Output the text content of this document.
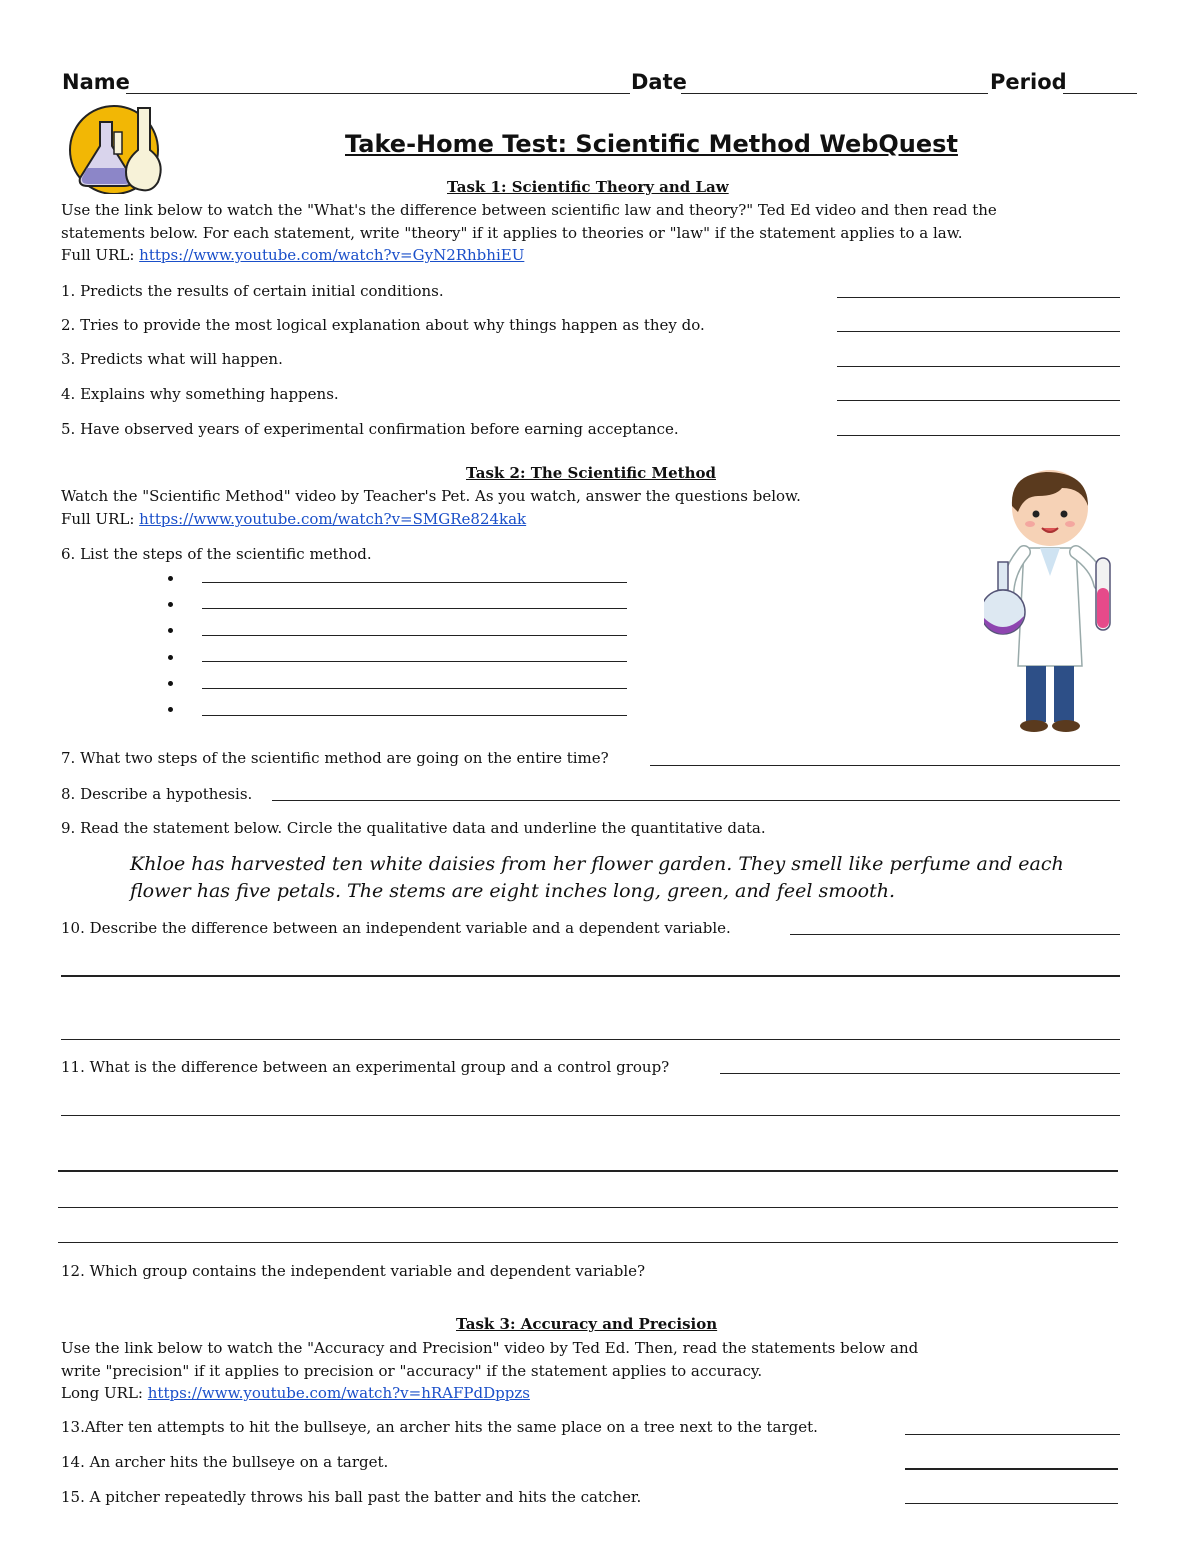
Name	Date	Period
Take-Home Test: Scientific Method WebQuest
Task 1: Scientific Theory and Law
Use the link below to watch the "What's the difference between scientific law and theory?" Ted Ed video and then read the
statements below. For each statement, write "theory" if it applies to theories or "law" if the statement applies to a law.
Full URL: https://www.youtube.com/watch?v=GyN2RhbhiEU
1. Predicts the results of certain initial conditions.
2. Tries to provide the most logical explanation about why things happen as they do.
3. Predicts what will happen.
4. Explains why something happens.
5. Have observed years of experimental confirmation before earning acceptance.
Task 2: The Scientific Method
Watch the "Scientific Method" video by Teacher's Pet. As you watch, answer the questions below.
Full URL: https://www.youtube.com/watch?v=SMGRe824kak
6. List the steps of the scientific method.
7. What two steps of the scientific method are going on the entire time?
8. Describe a hypothesis.
9. Read the statement below. Circle the qualitative data and underline the quantitative data.
Khloe has harvested ten white daisies from her flower garden. They smell like perfume and each
flower has five petals. The stems are eight inches long, green, and feel smooth.
10. Describe the difference between an independent variable and a dependent variable.
11. What is the difference between an experimental group and a control group?
12. Which group contains the independent variable and dependent variable?
Task 3: Accuracy and Precision
Use the link below to watch the "Accuracy and Precision" video by Ted Ed. Then, read the statements below and
write "precision" if it applies to precision or "accuracy" if the statement applies to accuracy.
Long URL: https://www.youtube.com/watch?v=hRAFPdDppzs
13.After ten attempts to hit the bullseye, an archer hits the same place on a tree next to the target.
14. An archer hits the bullseye on a target.
15. A pitcher repeatedly throws his ball past the batter and hits the catcher.
